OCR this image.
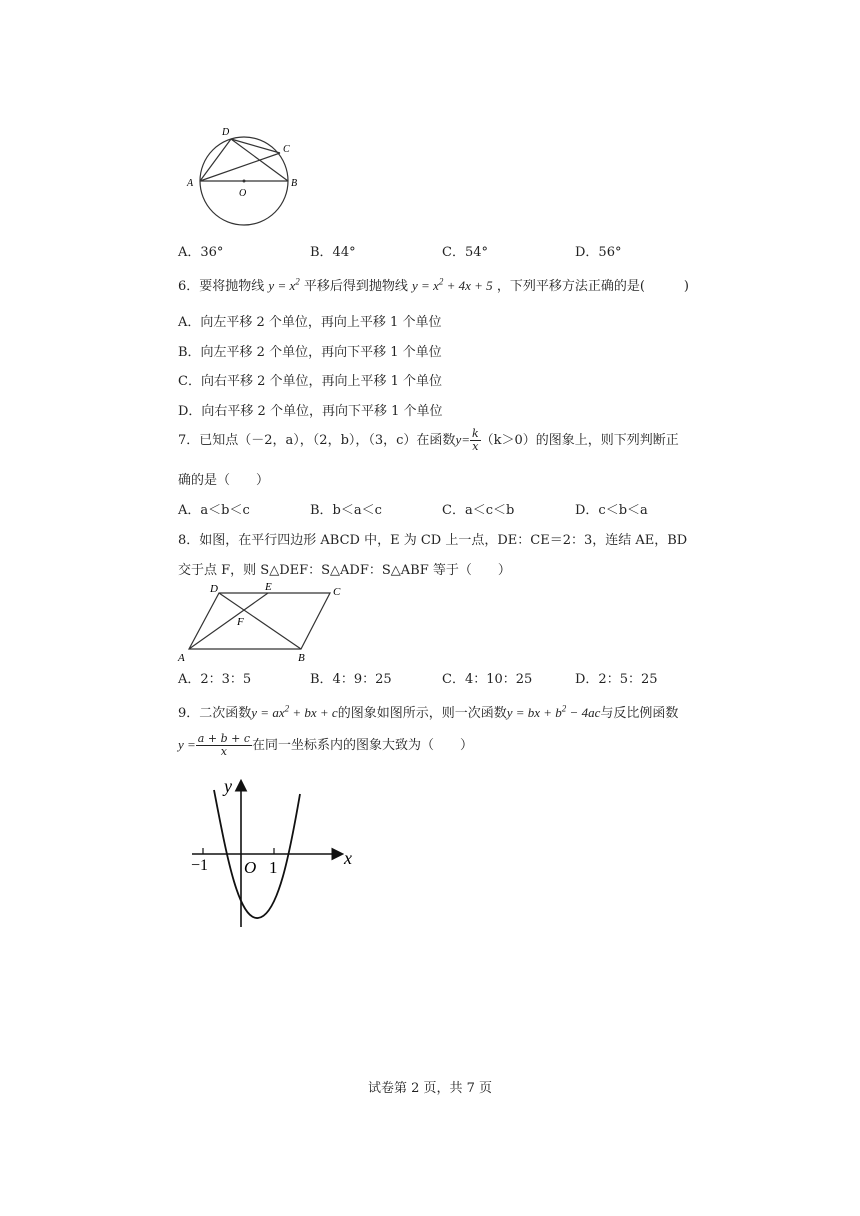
A	B
C
D
O
A．36°	B．44°	C．54°	D．56°
6．要将抛物线 $y = x^2$ 平移后得到抛物线 $y = x^2 + 4x + 5$ ，下列平移方法正确的是(　　　)
A．向左平移 2 个单位，再向上平移 1 个单位
B．向左平移 2 个单位，再向下平移 1 个单位
C．向右平移 2 个单位，再向上平移 1 个单位
D．向右平移 2 个单位，再向下平移 1 个单位
7．已知点（－2，a），（2，b），（3，c）在函数$y= \frac{k}{x} (k>0)$的图象上，则下列判断正
确的是（　　）
A．a＜b＜c	B．b＜a＜c	C．a＜c＜b	D．c＜b＜a
8．如图，在平行四边形 ABCD 中，E 为 CD 上一点，DE：CE＝2：3，连结 AE，BD
交于点 F，则 S△DEF：S△ADF：S△ABF 等于（　　）
A	B
C
D	E
F
A．2：3：5	B．4：9：25	C．4：10：25	D．2：5：25
9．二次函数$y = ax^2$ + bx + c的图象如图所示，则一次函数y = bx + $b^2 - 4ac$与反比例函数
$y = \frac{a + b + c}{x}$ 在同一坐标系内的图象大致为（　　）
y
x
O
−1	1
试卷第 2 页，共 7 页
